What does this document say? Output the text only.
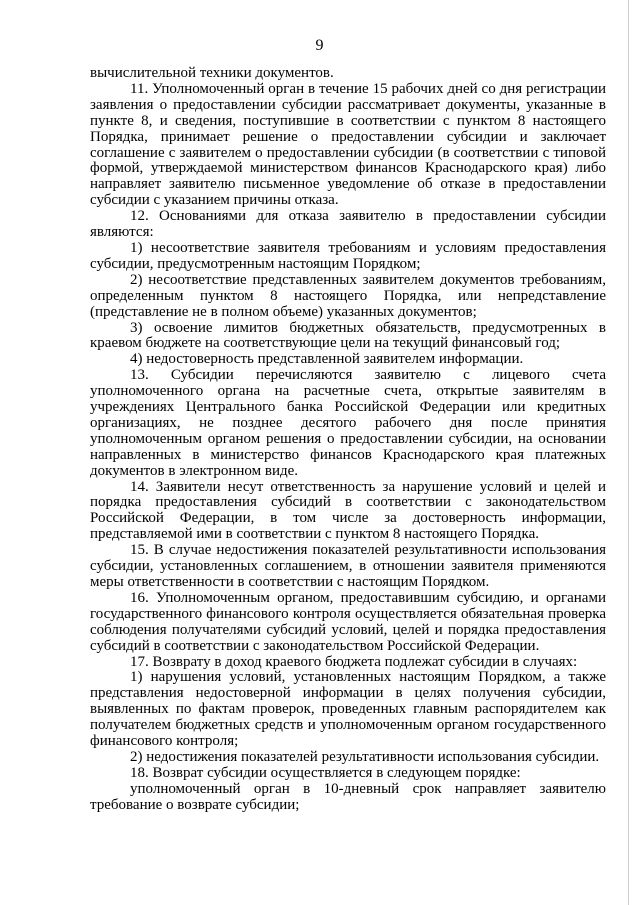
9

вычислительной техники документов.

11. Уполномоченный орган в течение 15 рабочих дней со дня регистрации заявления о предоставлении субсидии рассматривает документы, указанные в пункте 8, и сведения, поступившие в соответствии с пунктом 8 настоящего Порядка, принимает решение о предоставлении субсидии и заключает соглашение с заявителем о предоставлении субсидии (в соответствии с типовой формой, утверждаемой министерством финансов Краснодарского края) либо направляет заявителю письменное уведомление об отказе в предоставлении субсидии с указанием причины отказа.

12. Основаниями для отказа заявителю в предоставлении субсидии являются:

1) несоответствие заявителя требованиям и условиям предоставления субсидии, предусмотренным настоящим Порядком;

2) несоответствие представленных заявителем документов требованиям, определенным пунктом 8 настоящего Порядка, или непредставление (представление не в полном объеме) указанных документов;

3) освоение лимитов бюджетных обязательств, предусмотренных в краевом бюджете на соответствующие цели на текущий финансовый год;

4) недостоверность представленной заявителем информации.

13. Субсидии перечисляются заявителю с лицевого счета уполномоченного органа на расчетные счета, открытые заявителям в учреждениях Центрального банка Российской Федерации или кредитных организациях, не позднее десятого рабочего дня после принятия уполномоченным органом решения о предоставлении субсидии, на основании направленных в министерство финансов Краснодарского края платежных документов в электронном виде.

14. Заявители несут ответственность за нарушение условий и целей и порядка предоставления субсидий в соответствии с законодательством Российской Федерации, в том числе за достоверность информации, представляемой ими в соответствии с пунктом 8 настоящего Порядка.

15. В случае недостижения показателей результативности использования субсидии, установленных соглашением, в отношении заявителя применяются меры ответственности в соответствии с настоящим Порядком.

16. Уполномоченным органом, предоставившим субсидию, и органами государственного финансового контроля осуществляется обязательная проверка соблюдения получателями субсидий условий, целей и порядка предоставления субсидий в соответствии с законодательством Российской Федерации.

17. Возврату в доход краевого бюджета подлежат субсидии в случаях:

1) нарушения условий, установленных настоящим Порядком, а также представления недостоверной информации в целях получения субсидии, выявленных по фактам проверок, проведенных главным распорядителем как получателем бюджетных средств и уполномоченным органом государственного финансового контроля;

2) недостижения показателей результативности использования субсидии.

18. Возврат субсидии осуществляется в следующем порядке:

уполномоченный орган в 10-дневный срок направляет заявителю требование о возврате субсидии;
